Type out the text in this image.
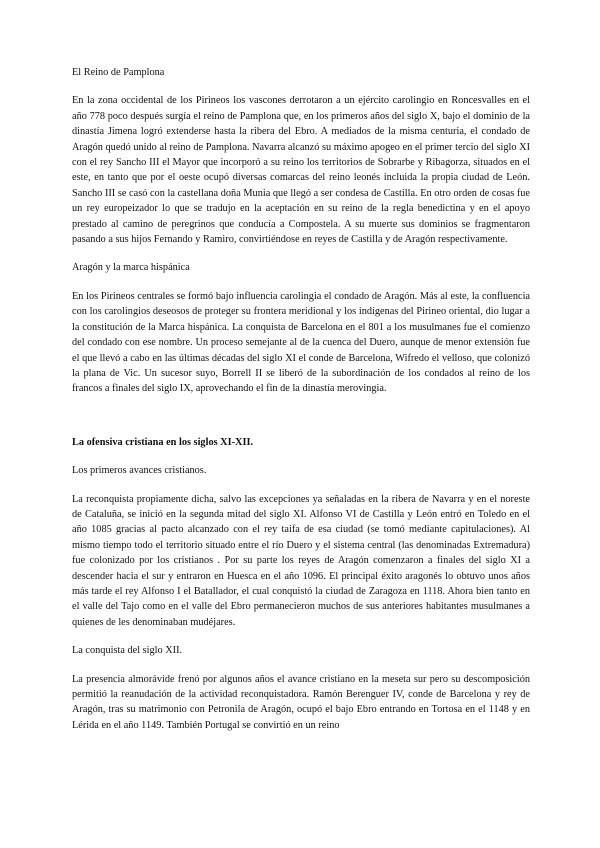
El Reino de Pamplona

En la zona occidental de los Pirineos los vascones derrotaron a un ejército carolingio en Roncesvalles en el año 778 poco después surgía el reino de Pamplona que, en los primeros años del siglo X, bajo el dominio de la dinastía Jimena logró extenderse hasta la ribera del Ebro. A mediados de la misma centuria, el condado de Aragón quedó unido al reino de Pamplona. Navarra alcanzó su máximo apogeo en el primer tercio del siglo XI con el rey Sancho III el Mayor que incorporó a su reino los territorios de Sobrarbe y Ribagorza, situados en el este, en tanto que por el oeste ocupó diversas comarcas del reino leonés incluida la propia ciudad de León. Sancho III se casó con la castellana doña Munia que llegó a ser condesa de Castilla. En otro orden de cosas fue un rey europeizador lo que se tradujo en la aceptación en su reino de la regla benedictina y en el apoyo prestado al camino de peregrinos que conducía a Compostela. A su muerte sus dominios se fragmentaron pasando a sus hijos Fernando y Ramiro, convirtiéndose en reyes de Castilla y de Aragón respectivamente.

Aragón y la marca hispánica

En los Pirineos centrales se formó bajo influencia carolingia el condado de Aragón. Más al este, la confluencia con los carolingios deseosos de proteger su frontera meridional y los indígenas del Pirineo oriental, dio lugar a la constitución de la Marca hispánica. La conquista de Barcelona en el 801 a los musulmanes fue el comienzo del condado con ese nombre. Un proceso semejante al de la cuenca del Duero, aunque de menor extensión fue el que llevó a cabo en las últimas décadas del siglo XI el conde de Barcelona, Wifredo el velloso, que colonizó la plana de Vic. Un sucesor suyo, Borrell II se liberó de la subordinación de los condados al reino de los francos a finales del siglo IX, aprovechando el fin de la dinastía merovingia.

La ofensiva cristiana en los siglos XI-XII.

Los primeros avances cristianos.

La reconquista propiamente dicha, salvo las excepciones ya señaladas en la ribera de Navarra y en el noreste de Cataluña, se inició en la segunda mitad del siglo XI. Alfonso VI de Castilla y León entró en Toledo en el año 1085 gracias al pacto alcanzado con el rey taifa de esa ciudad (se tomó mediante capitulaciones). Al mismo tiempo todo el territorio situado entre el río Duero y el sistema central (las denominadas Extremadura) fue colonizado por los cristianos . Por su parte los reyes de Aragón comenzaron a finales del siglo XI a descender hacia el sur y entraron en Huesca en el año 1096. El principal éxito aragonés lo obtuvo unos años más tarde el rey Alfonso I el Batallador, el cual conquistó la ciudad de Zaragoza en 1118. Ahora bien tanto en el valle del Tajo como en el valle del Ebro permanecieron muchos de sus anteriores habitantes musulmanes a quienes de les denominaban mudéjares.

La conquista del siglo XII.

La presencia almorávide frenó por algunos años el avance cristiano en la meseta sur pero su descomposición permitió la reanudación de la actividad reconquistadora. Ramón Berenguer IV, conde de Barcelona y rey de Aragón, tras su matrimonio con Petronila de Aragón, ocupó el bajo Ebro entrando en Tortosa en el 1148 y en Lérida en el año 1149. También Portugal se convirtió en un reino
